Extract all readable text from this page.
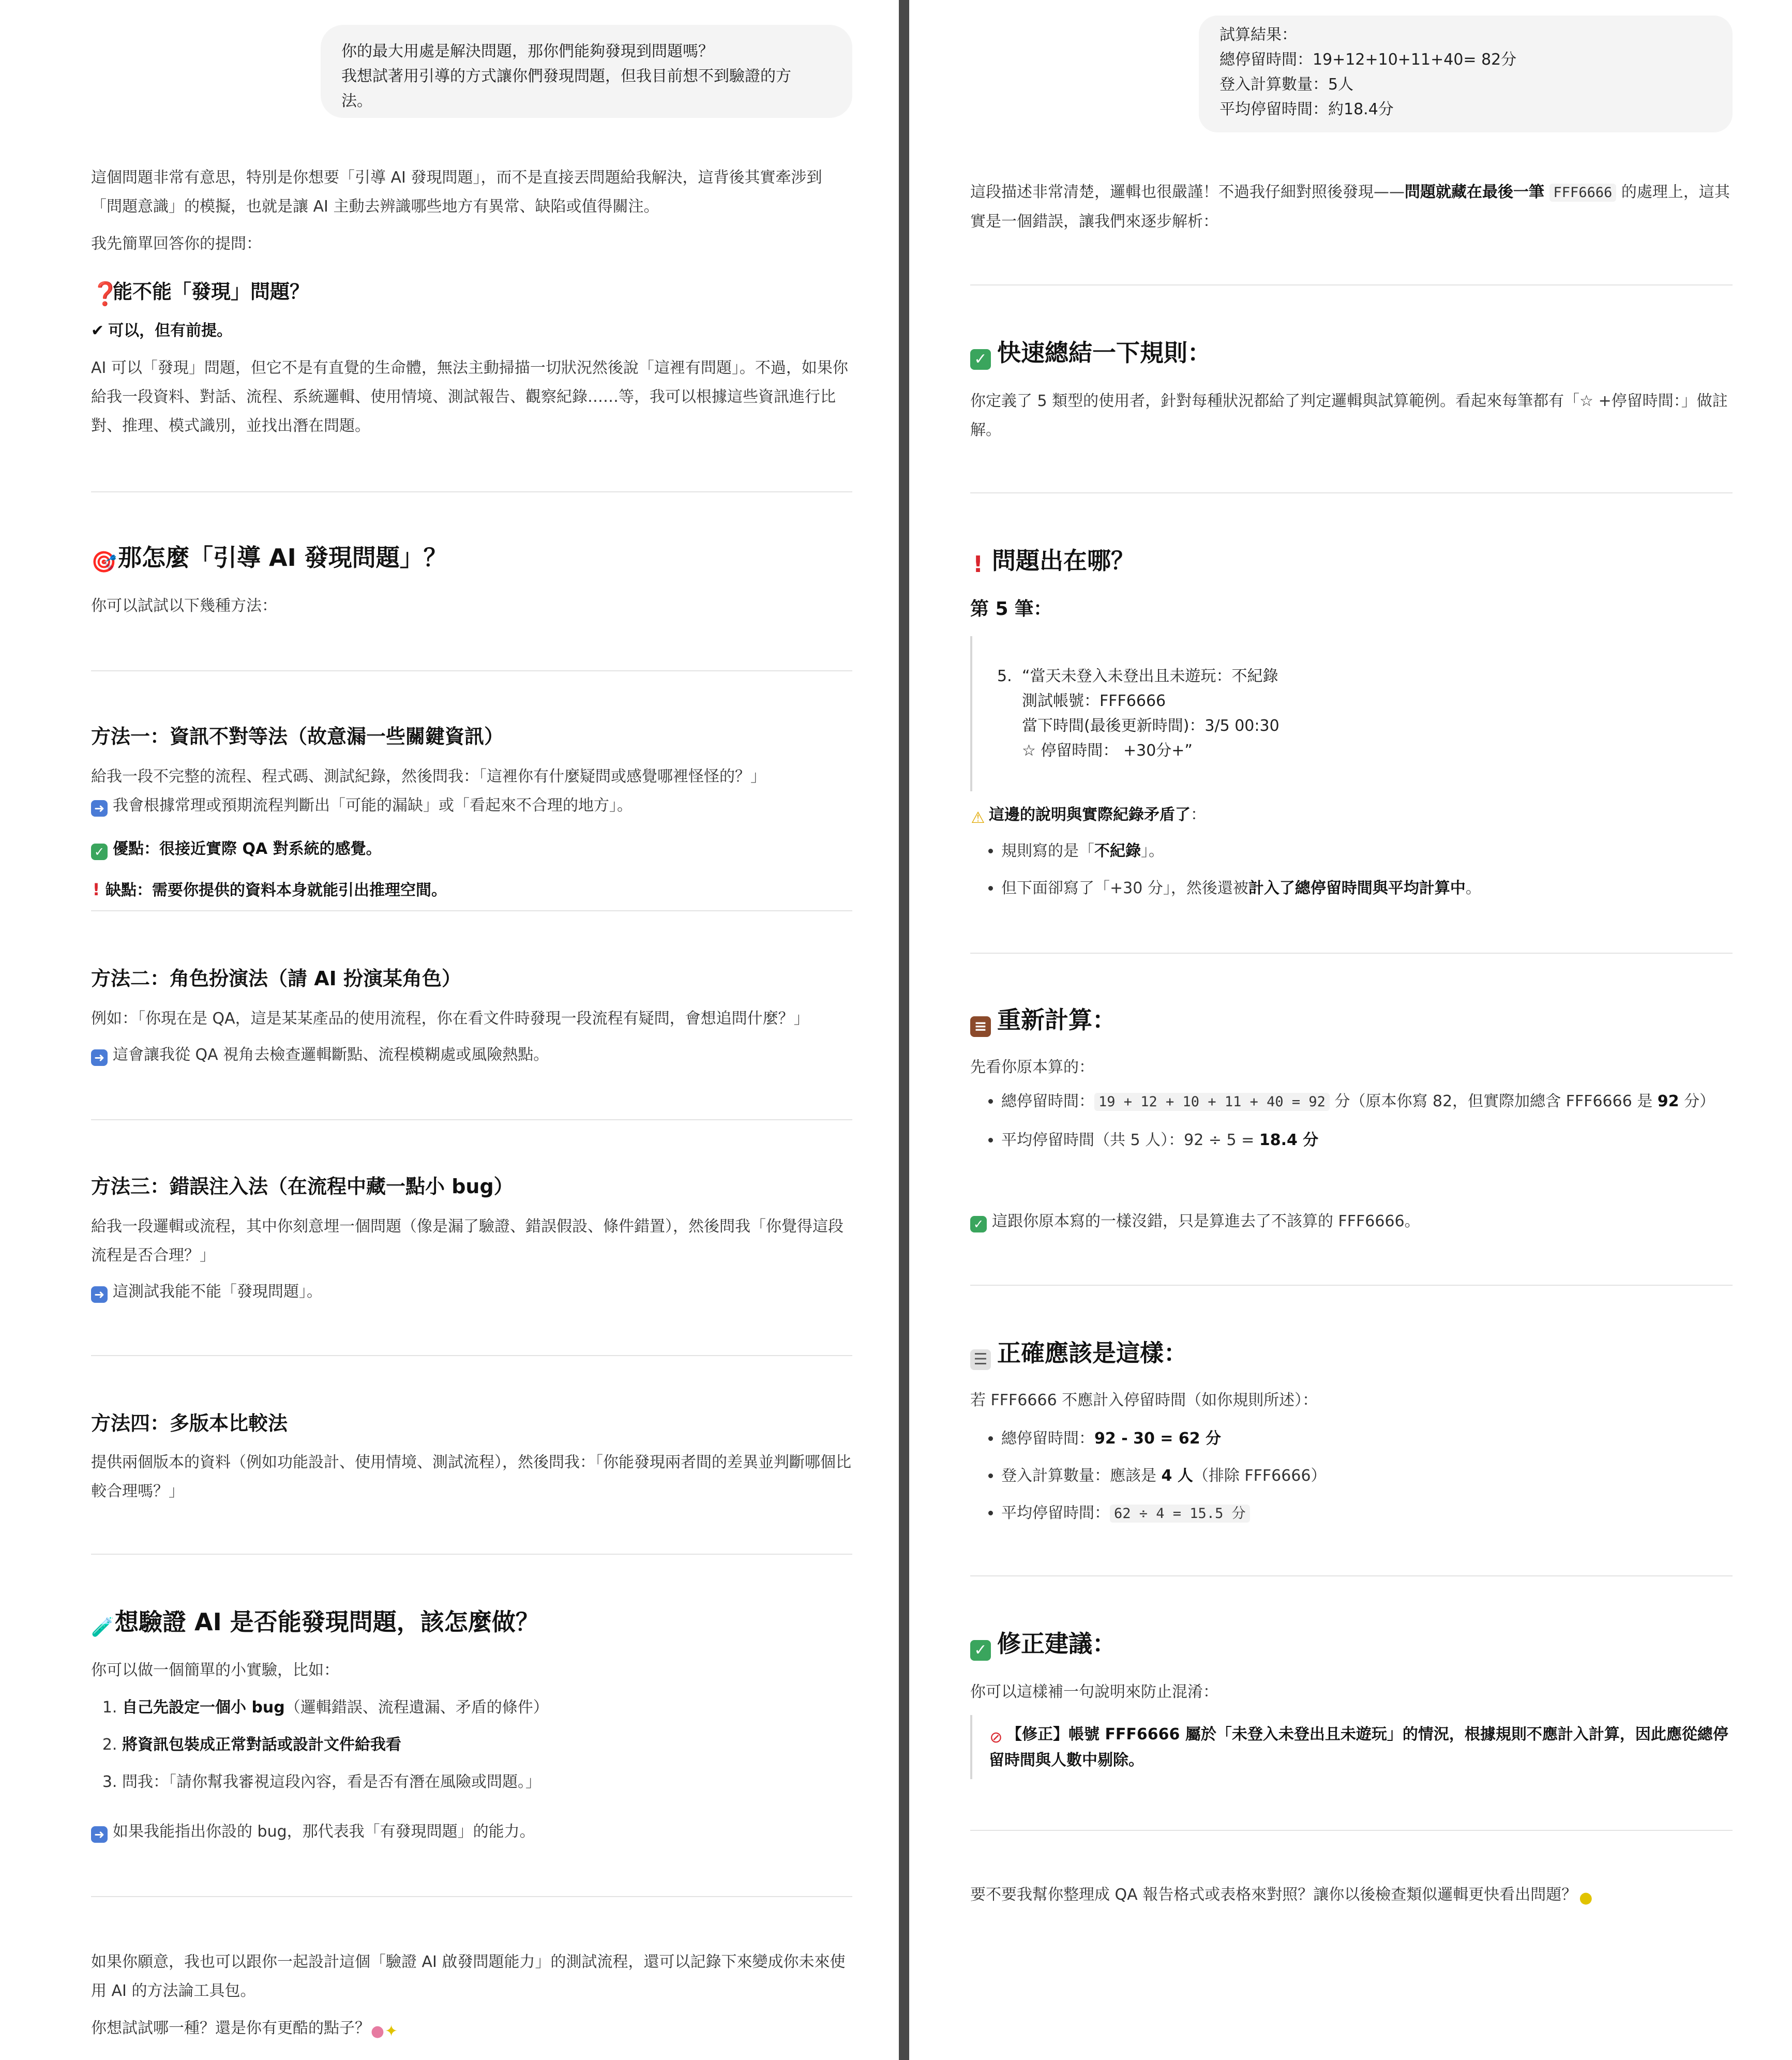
你的最大用處是解決問題，那你們能夠發現到問題嗎？
我想試著用引導的方式讓你們發現問題，但我目前想不到驗證的方
法。
這個問題非常有意思，特別是你想要「引導 AI 發現問題」，而不是直接丟問題給我解決，這背後其實牽涉到「問題意識」的模擬，也就是讓 AI 主動去辨識哪些地方有異常、缺陷或值得關注。
我先簡單回答你的提問：
❓能不能「發現」問題？
✔ 可以，但有前提。
AI 可以「發現」問題，但它不是有直覺的生命體，無法主動掃描一切狀況然後說「這裡有問題」。不過，如果你給我一段資料、對話、流程、系統邏輯、使用情境、測試報告、觀察紀錄……等，我可以根據這些資訊進行比對、推理、模式識別，並找出潛在問題。
🎯那怎麼「引導 AI 發現問題」？
你可以試試以下幾種方法：
方法一：資訊不對等法（故意漏一些關鍵資訊）
給我一段不完整的流程、程式碼、測試紀錄，然後問我：「這裡你有什麼疑問或感覺哪裡怪怪的？」
➜ 我會根據常理或預期流程判斷出「可能的漏缺」或「看起來不合理的地方」。
✓ 優點：很接近實際 QA 對系統的感覺。
! 缺點：需要你提供的資料本身就能引出推理空間。
方法二：角色扮演法（請 AI 扮演某角色）
例如：「你現在是 QA，這是某某產品的使用流程，你在看文件時發現一段流程有疑問，會想追問什麼？」
➜ 這會讓我從 QA 視角去檢查邏輯斷點、流程模糊處或風險熱點。
方法三：錯誤注入法（在流程中藏一點小 bug）
給我一段邏輯或流程，其中你刻意埋一個問題（像是漏了驗證、錯誤假設、條件錯置），然後問我「你覺得這段流程是否合理？」
➜ 這測試我能不能「發現問題」。
方法四：多版本比較法
提供兩個版本的資料（例如功能設計、使用情境、測試流程），然後問我：「你能發現兩者間的差異並判斷哪個比較合理嗎？」
🧪想驗證 AI 是否能發現問題，該怎麼做？
你可以做一個簡單的小實驗，比如：
1. 自己先設定一個小 bug（邏輯錯誤、流程遺漏、矛盾的條件）
2. 將資訊包裝成正常對話或設計文件給我看
3. 問我：「請你幫我審視這段內容，看是否有潛在風險或問題。」
➜ 如果我能指出你設的 bug，那代表我「有發現問題」的能力。
如果你願意，我也可以跟你一起設計這個「驗證 AI 啟發問題能力」的測試流程，還可以記錄下來變成你未來使用 AI 的方法論工具包。
你想試試哪一種？還是你有更酷的點子？●✦
試算結果：
總停留時間：19+12+10+11+40= 82分
登入計算數量：5人
平均停留時間：約18.4分
這段描述非常清楚，邏輯也很嚴謹！不過我仔細對照後發現——問題就藏在最後一筆 FFF6666 的處理上，這其實是一個錯誤，讓我們來逐步解析：
✓ 快速總結一下規則：
你定義了 5 類型的使用者，針對每種狀況都給了判定邏輯與試算範例。看起來每筆都有「☆ +停留時間：」做註解。
! 問題出在哪？
第 5 筆：
5. “當天未登入未登出且未遊玩：不紀錄
測試帳號：FFF6666
當下時間(最後更新時間)：3/5 00:30
☆ 停留時間： +30分+”
⚠ 這邊的說明與實際紀錄矛盾了：
• 規則寫的是「不紀錄」。
• 但下面卻寫了「+30 分」，然後還被計入了總停留時間與平均計算中。
≡ 重新計算：
先看你原本算的：
• 總停留時間： 19 + 12 + 10 + 11 + 40 = 92 分（原本你寫 82，但實際加總含 FFF6666 是 92 分）
• 平均停留時間（共 5 人）：92 ÷ 5 = 18.4 分
✓ 這跟你原本寫的一樣沒錯，只是算進去了不該算的 FFF6666。
☰ 正確應該是這樣：
若 FFF6666 不應計入停留時間（如你規則所述）：
• 總停留時間：92 - 30 = 62 分
• 登入計算數量：應該是 4 人（排除 FFF6666）
• 平均停留時間： 62 ÷ 4 = 15.5 分
✓ 修正建議：
你可以這樣補一句說明來防止混淆：
⊘ 【修正】帳號 FFF6666 屬於「未登入未登出且未遊玩」的情況，根據規則不應計入計算，因此應從總停留時間與人數中剔除。
要不要我幫你整理成 QA 報告格式或表格來對照？讓你以後檢查類似邏輯更快看出問題？ ●
